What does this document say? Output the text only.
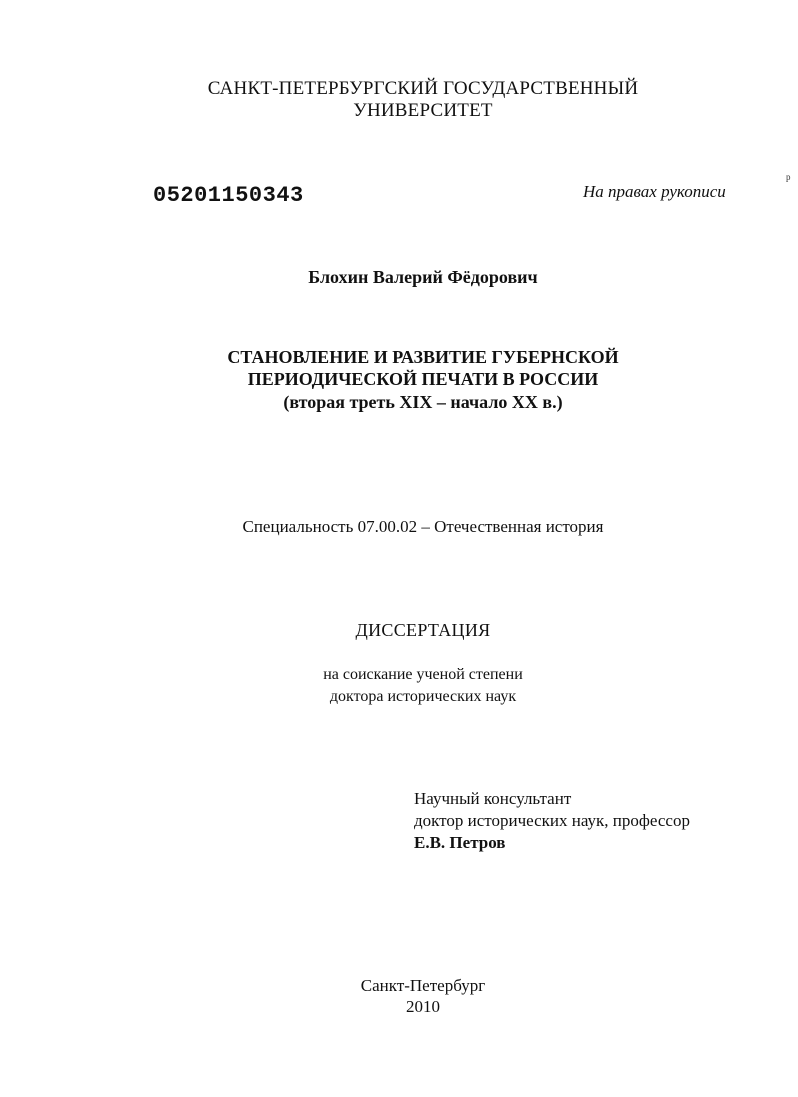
САНКТ-ПЕТЕРБУРГСКИЙ ГОСУДАРСТВЕННЫЙ
УНИВЕРСИТЕТ
05201150343	На правах рукописи
p
Блохин Валерий Фёдорович
СТАНОВЛЕНИЕ И РАЗВИТИЕ ГУБЕРНСКОЙ
ПЕРИОДИЧЕСКОЙ ПЕЧАТИ В РОССИИ
(вторая треть XIX – начало XX в.)
Специальность 07.00.02 – Отечественная история
ДИССЕРТАЦИЯ
на соискание ученой степени
доктора исторических наук
Научный консультант
доктор исторических наук, профессор
Е.В. Петров
Санкт-Петербург
2010
